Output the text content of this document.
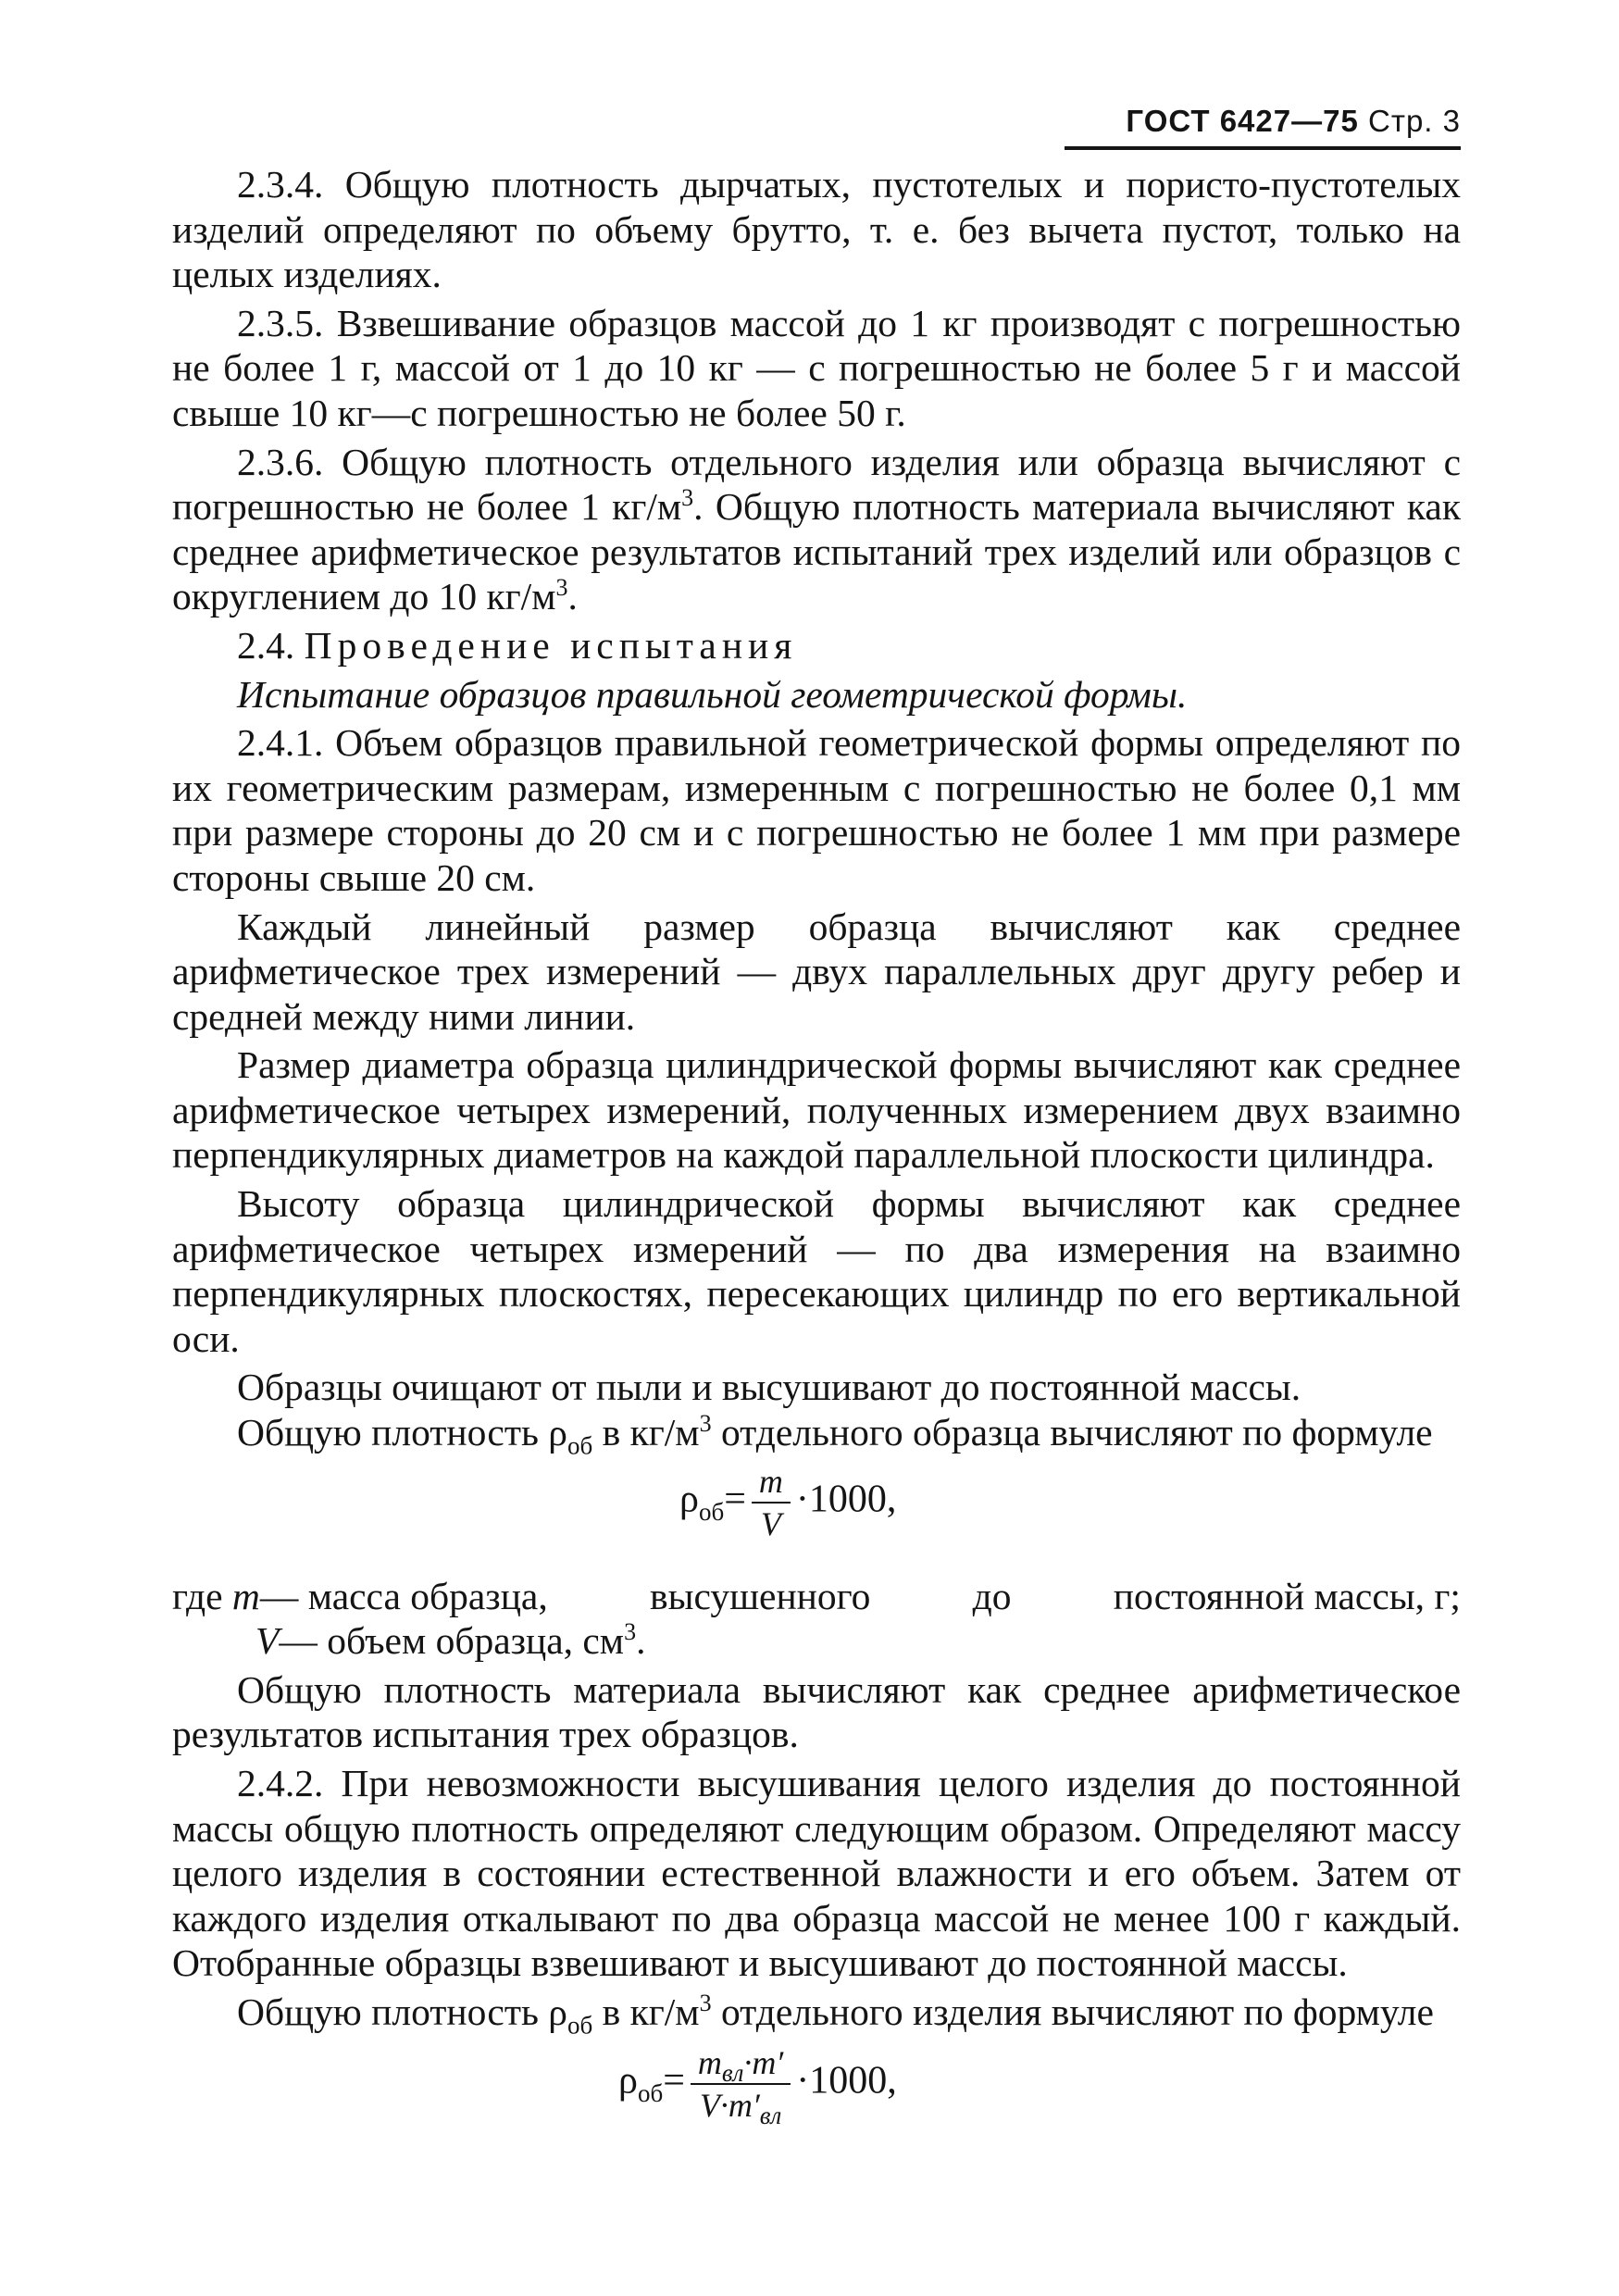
ГОСТ 6427—75 Стр. 3

2.3.4. Общую плотность дырчатых, пустотелых и пористо-пустотелых изделий определяют по объему брутто, т. е. без вычета пустот, только на целых изделиях.

2.3.5. Взвешивание образцов массой до 1 кг производят с погрешностью не более 1 г, массой от 1 до 10 кг — с погрешностью не более 5 г и массой свыше 10 кг—с погрешностью не более 50 г.

2.3.6. Общую плотность отдельного изделия или образца вычисляют с погрешностью не более 1 $кг/м^3$. Общую плотность материала вычисляют как среднее арифметическое результатов испытаний трех изделий или образцов с округлением до 10 $кг/м^3$.

2.4. Проведение испытания

Испытание образцов правильной геометрической формы.

2.4.1. Объем образцов правильной геометрической формы определяют по их геометрическим размерам, измеренным с погрешностью не более 0,1 мм при размере стороны до 20 см и с погрешностью не более 1 мм при размере стороны свыше 20 см.

Каждый линейный размер образца вычисляют как среднее арифметическое трех измерений — двух параллельных друг другу ребер и средней между ними линии.

Размер диаметра образца цилиндрической формы вычисляют как среднее арифметическое четырех измерений, полученных измерением двух взаимно перпендикулярных диаметров на каждой параллельной плоскости цилиндра.

Высоту образца цилиндрической формы вычисляют как среднее арифметическое четырех измерений — по два измерения на взаимно перпендикулярных плоскостях, пересекающих цилиндр по его вертикальной оси.

Образцы очищают от пыли и высушивают до постоянной массы.

Общую плотность $\rho_{об}$ в $кг/м^3$ отдельного образца вычисляют по формуле

$\rho_{об}= \frac{m}{V} \cdot 1000$,
где m— масса образца,	высушенного	до	постоянной массы, г;

V— объем образца, $см^3$.

Общую плотность материала вычисляют как среднее арифметическое результатов испытания трех образцов.

2.4.2. При невозможности высушивания целого изделия до постоянной массы общую плотность определяют следующим образом. Определяют массу целого изделия в состоянии естественной влажности и его объем. Затем от каждого изделия откалывают по два образца массой не менее 100 г каждый. Отобранные образцы взвешивают и высушивают до постоянной массы.

Общую плотность $\rho_{об}$ в $кг/м^3$ отдельного изделия вычисляют по формуле

$\rho_{об}= \frac{m_{вл}\cdot m'}{V\cdot m'_{вл}} \cdot 1000$,
